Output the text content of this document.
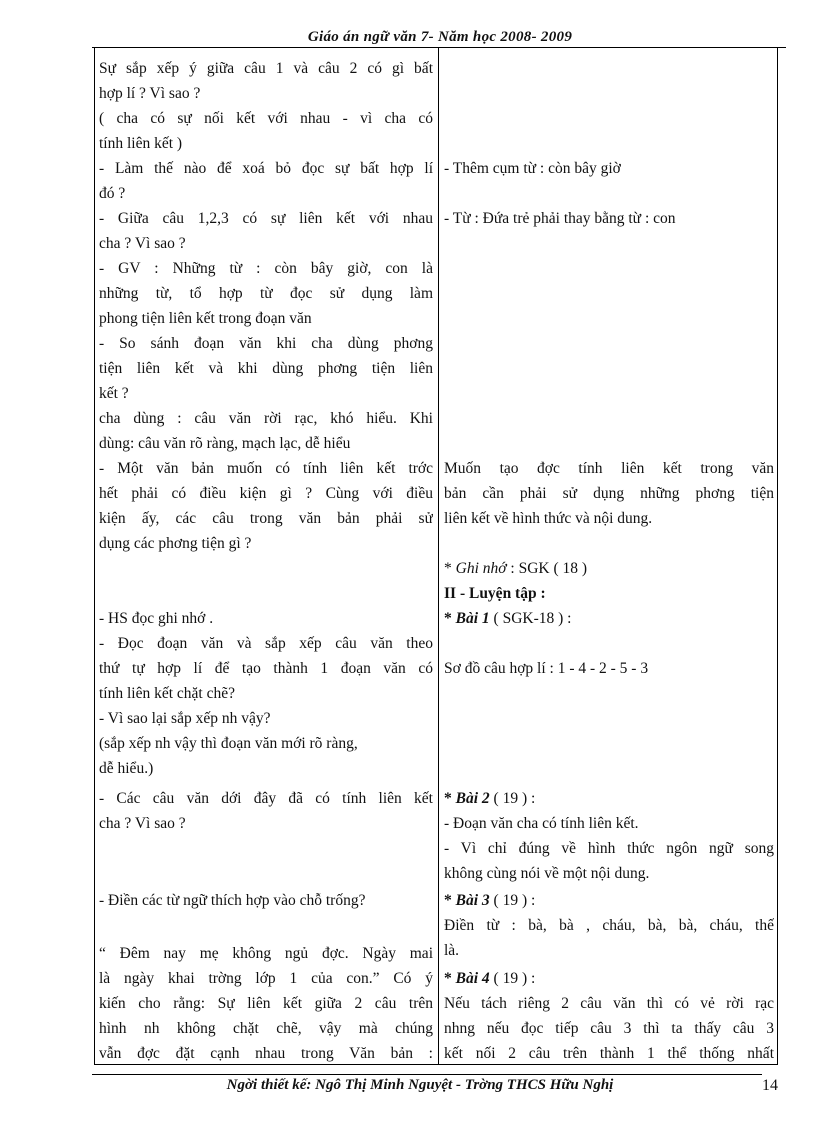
Giáo án ngữ văn 7- Năm học 2008- 2009
Sự sắp xếp ý giữa câu 1 và câu 2 có gì bất
hợp lí ? Vì sao ?
( cha có sự nối kết với nhau - vì cha có
tính liên kết )
- Làm thế nào để xoá bỏ đọc sự bất hợp lí
đó ?
- Giữa câu 1,2,3 có sự liên kết với nhau
cha ? Vì sao ?
- GV : Những từ : còn bây giờ, con là
những từ, tổ hợp từ đọc sử dụng làm
phong tiện liên kết trong đoạn văn
- So sánh đoạn văn khi cha dùng phơng
tiện liên kết và khi dùng phơng tiện liên
kết ?
cha dùng : câu văn rời rạc, khó hiểu. Khi
dùng: câu văn rõ ràng, mạch lạc, dễ hiểu
- Một văn bản muốn có tính liên kết trớc
hết phải có điều kiện gì ? Cùng với điều
kiện ấy, các câu trong văn bản phải sử
dụng các phơng tiện gì ?
- HS đọc ghi nhớ .
- Đọc đoạn văn và sắp xếp câu văn theo
thứ tự hợp lí để tạo thành 1 đoạn văn có
tính liên kết chặt chẽ?
- Vì sao lại sắp xếp nh vậy?
(sắp xếp nh vậy thì đoạn văn mới rõ ràng,
dễ hiểu.)
- Các câu văn dới đây đã có tính liên kết
cha ? Vì sao ?
- Điền các từ ngữ thích hợp vào chỗ trống?
“ Đêm nay mẹ không ngủ đợc. Ngày mai
là ngày khai trờng lớp 1 của con.” Có ý
kiến cho rằng: Sự liên kết giữa 2 câu trên
hình nh không chặt chẽ, vậy mà chúng
vẫn đợc đặt cạnh nhau trong Văn bản :
- Thêm cụm từ : còn bây giờ
- Từ : Đứa trẻ phải thay bằng từ : con
Muốn tạo đợc tính liên kết trong văn
bản cần phải sử dụng những phơng tiện
liên kết về hình thức và nội dung.
* Ghi nhớ : SGK ( 18 )
II - Luyện tập :
* Bài 1 ( SGK-18 ) :
Sơ đồ câu hợp lí : 1 - 4 - 2 - 5 - 3
* Bài 2 ( 19 ) :
- Đoạn văn cha có tính liên kết.
- Vì chỉ đúng về hình thức ngôn ngữ song
không cùng nói về một nội dung.
* Bài 3 ( 19 ) :
Điền từ : bà, bà , cháu, bà, bà, cháu, thế
là.
* Bài 4 ( 19 ) :
Nếu tách riêng 2 câu văn thì có vẻ rời rạc
nhng nếu đọc tiếp câu 3 thì ta thấy câu 3
kết nối 2 câu trên thành 1 thể thống nhất
Ngời thiết kế: Ngô Thị Minh Nguyệt - Trờng THCS Hữu Nghị	14
